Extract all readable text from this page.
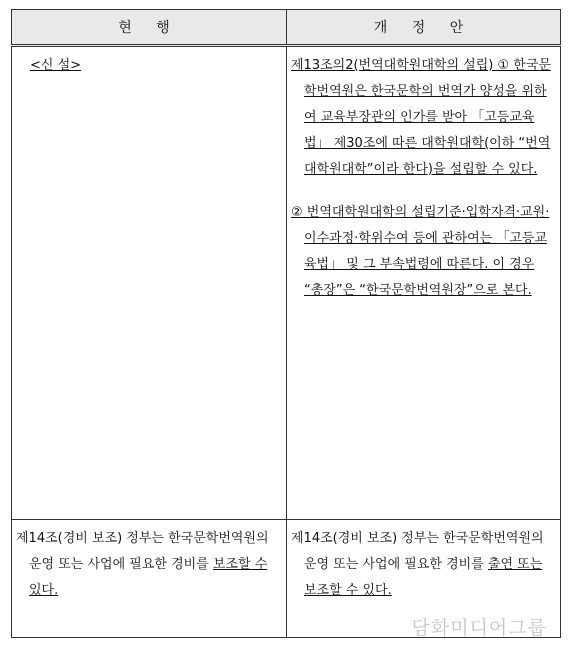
현 행	개 정 안

<신 설>	제13조의2(번역대학원대학의 설립) ① 한국문학번역원은 한국문학의 번역가 양성을 위하여 교육부장관의 인가를 받아 「고등교육법」 제30조에 따른 대학원대학(이하 “번역대학원대학”이라 한다)을 설립할 수 있다.
② 번역대학원대학의 설립기준·입학자격·교원·이수과정·학위수여 등에 관하여는 「고등교육법」 및 그 부속법령에 따른다. 이 경우 “총장”은 “한국문학번역원장”으로 본다.

제14조(경비 보조) 정부는 한국문학번역원의 운영 또는 사업에 필요한 경비를 보조할 수 있다.	제14조(경비 보조) 정부는 한국문학번역원의 운영 또는 사업에 필요한 경비를 출연 또는 보조할 수 있다.
담화미디어그룹
